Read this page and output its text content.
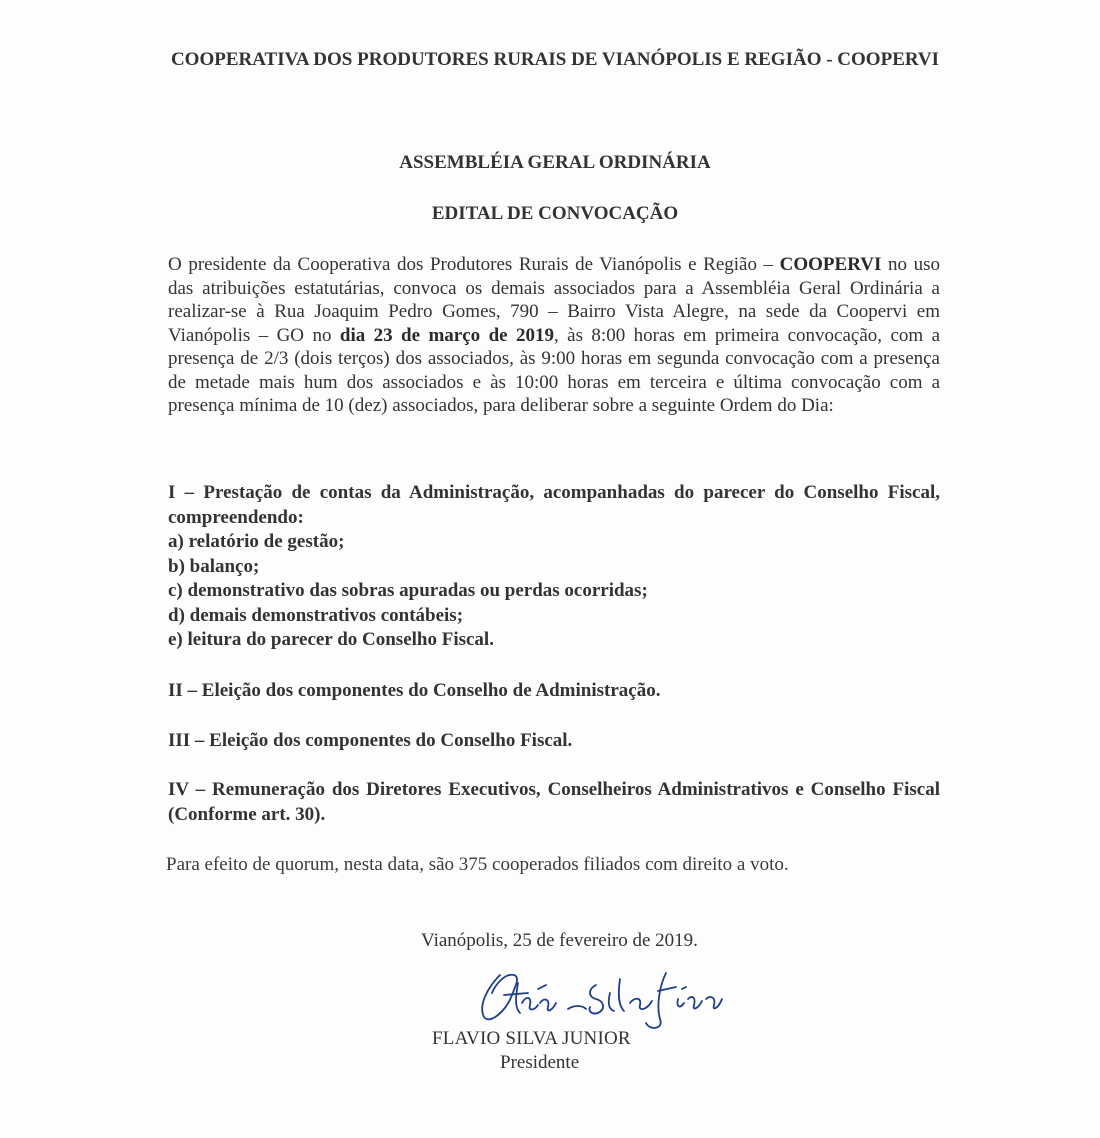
COOPERATIVA DOS PRODUTORES RURAIS DE VIANÓPOLIS E REGIÃO - COOPERVI
ASSEMBLÉIA GERAL ORDINÁRIA
EDITAL DE CONVOCAÇÃO
O presidente da Cooperativa dos Produtores Rurais de Vianópolis e Região – COOPERVI no uso das atribuições estatutárias, convoca os demais associados para a Assembléia Geral Ordinária a realizar-se à Rua Joaquim Pedro Gomes, 790 – Bairro Vista Alegre, na sede da Coopervi em Vianópolis – GO no dia 23 de março de 2019, às 8:00 horas em primeira convocação, com a presença de 2/3 (dois terços) dos associados, às 9:00 horas em segunda convocação com a presença de metade mais hum dos associados e às 10:00 horas em terceira e última convocação com a presença mínima de 10 (dez) associados, para deliberar sobre a seguinte Ordem do Dia:
I – Prestação de contas da Administração, acompanhadas do parecer do Conselho Fiscal, compreendendo:
a) relatório de gestão;
b) balanço;
c) demonstrativo das sobras apuradas ou perdas ocorridas;
d) demais demonstrativos contábeis;
e) leitura do parecer do Conselho Fiscal.
II – Eleição dos componentes do Conselho de Administração.
III – Eleição dos componentes do Conselho Fiscal.
IV – Remuneração dos Diretores Executivos, Conselheiros Administrativos e Conselho Fiscal (Conforme art. 30).
Para efeito de quorum, nesta data, são 375 cooperados filiados com direito a voto.
Vianópolis, 25 de fevereiro de 2019.
FLAVIO SILVA JUNIOR
Presidente
